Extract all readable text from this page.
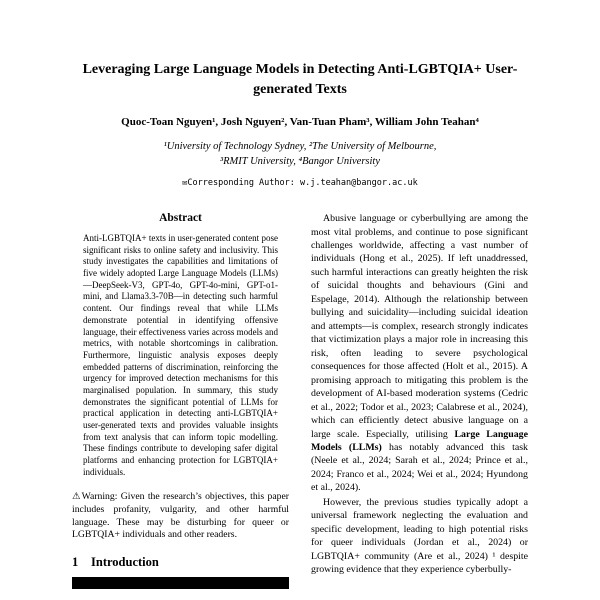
Leveraging Large Language Models in Detecting Anti-LGBTQIA+ User-generated Texts
Quoc-Toan Nguyen¹, Josh Nguyen², Van-Tuan Pham³, William John Teahan⁴
¹University of Technology Sydney, ²The University of Melbourne,
³RMIT University, ⁴Bangor University
✉Corresponding Author: w.j.teahan@bangor.ac.uk
Abstract

Anti-LGBTQIA+ texts in user-generated content pose significant risks to online safety and inclusivity. This study investigates the capabilities and limitations of five widely adopted Large Language Models (LLMs)—DeepSeek-V3, GPT-4o, GPT-4o-mini, GPT-o1-mini, and Llama3.3-70B—in detecting such harmful content. Our findings reveal that while LLMs demonstrate potential in identifying offensive language, their effectiveness varies across models and metrics, with notable shortcomings in calibration. Furthermore, linguistic analysis exposes deeply embedded patterns of discrimination, reinforcing the urgency for improved detection mechanisms for this marginalised population. In summary, this study demonstrates the significant potential of LLMs for practical application in detecting anti-LGBTQIA+ user-generated texts and provides valuable insights from text analysis that can inform topic modelling. These findings contribute to developing safer digital platforms and enhancing protection for LGBTQIA+ individuals.

⚠Warning: Given the research’s objectives, this paper includes profanity, vulgarity, and other harmful language. These may be disturbing for queer or LGBTQIA+ individuals and other readers.

1 Introduction

Abusive language or cyberbullying are among the most vital problems, and continue to pose significant challenges worldwide, affecting a vast number of individuals (Hong et al., 2025). If left unaddressed, such harmful interactions can greatly heighten the risk of suicidal thoughts and behaviours (Gini and Espelage, 2014). Although the relationship between bullying and suicidality—including suicidal ideation and attempts—is complex, research strongly indicates that victimization plays a major role in increasing this risk, often leading to severe psychological consequences for those affected (Holt et al., 2015). A promising approach to mitigating this problem is the development of AI-based moderation systems (Cedric et al., 2022; Todor et al., 2023; Calabrese et al., 2024), which can efficiently detect abusive language on a large scale. Especially, utilising Large Language Models (LLMs) has notably advanced this task (Neele et al., 2024; Sarah et al., 2024; Prince et al., 2024; Franco et al., 2024; Wei et al., 2024; Hyundong et al., 2024).

However, the previous studies typically adopt a universal framework neglecting the evaluation and specific development, leading to high potential risks for queer individuals (Jordan et al., 2024) or LGBTQIA+ community (Are et al., 2024) ¹ despite growing evidence that they experience cyberbully-
